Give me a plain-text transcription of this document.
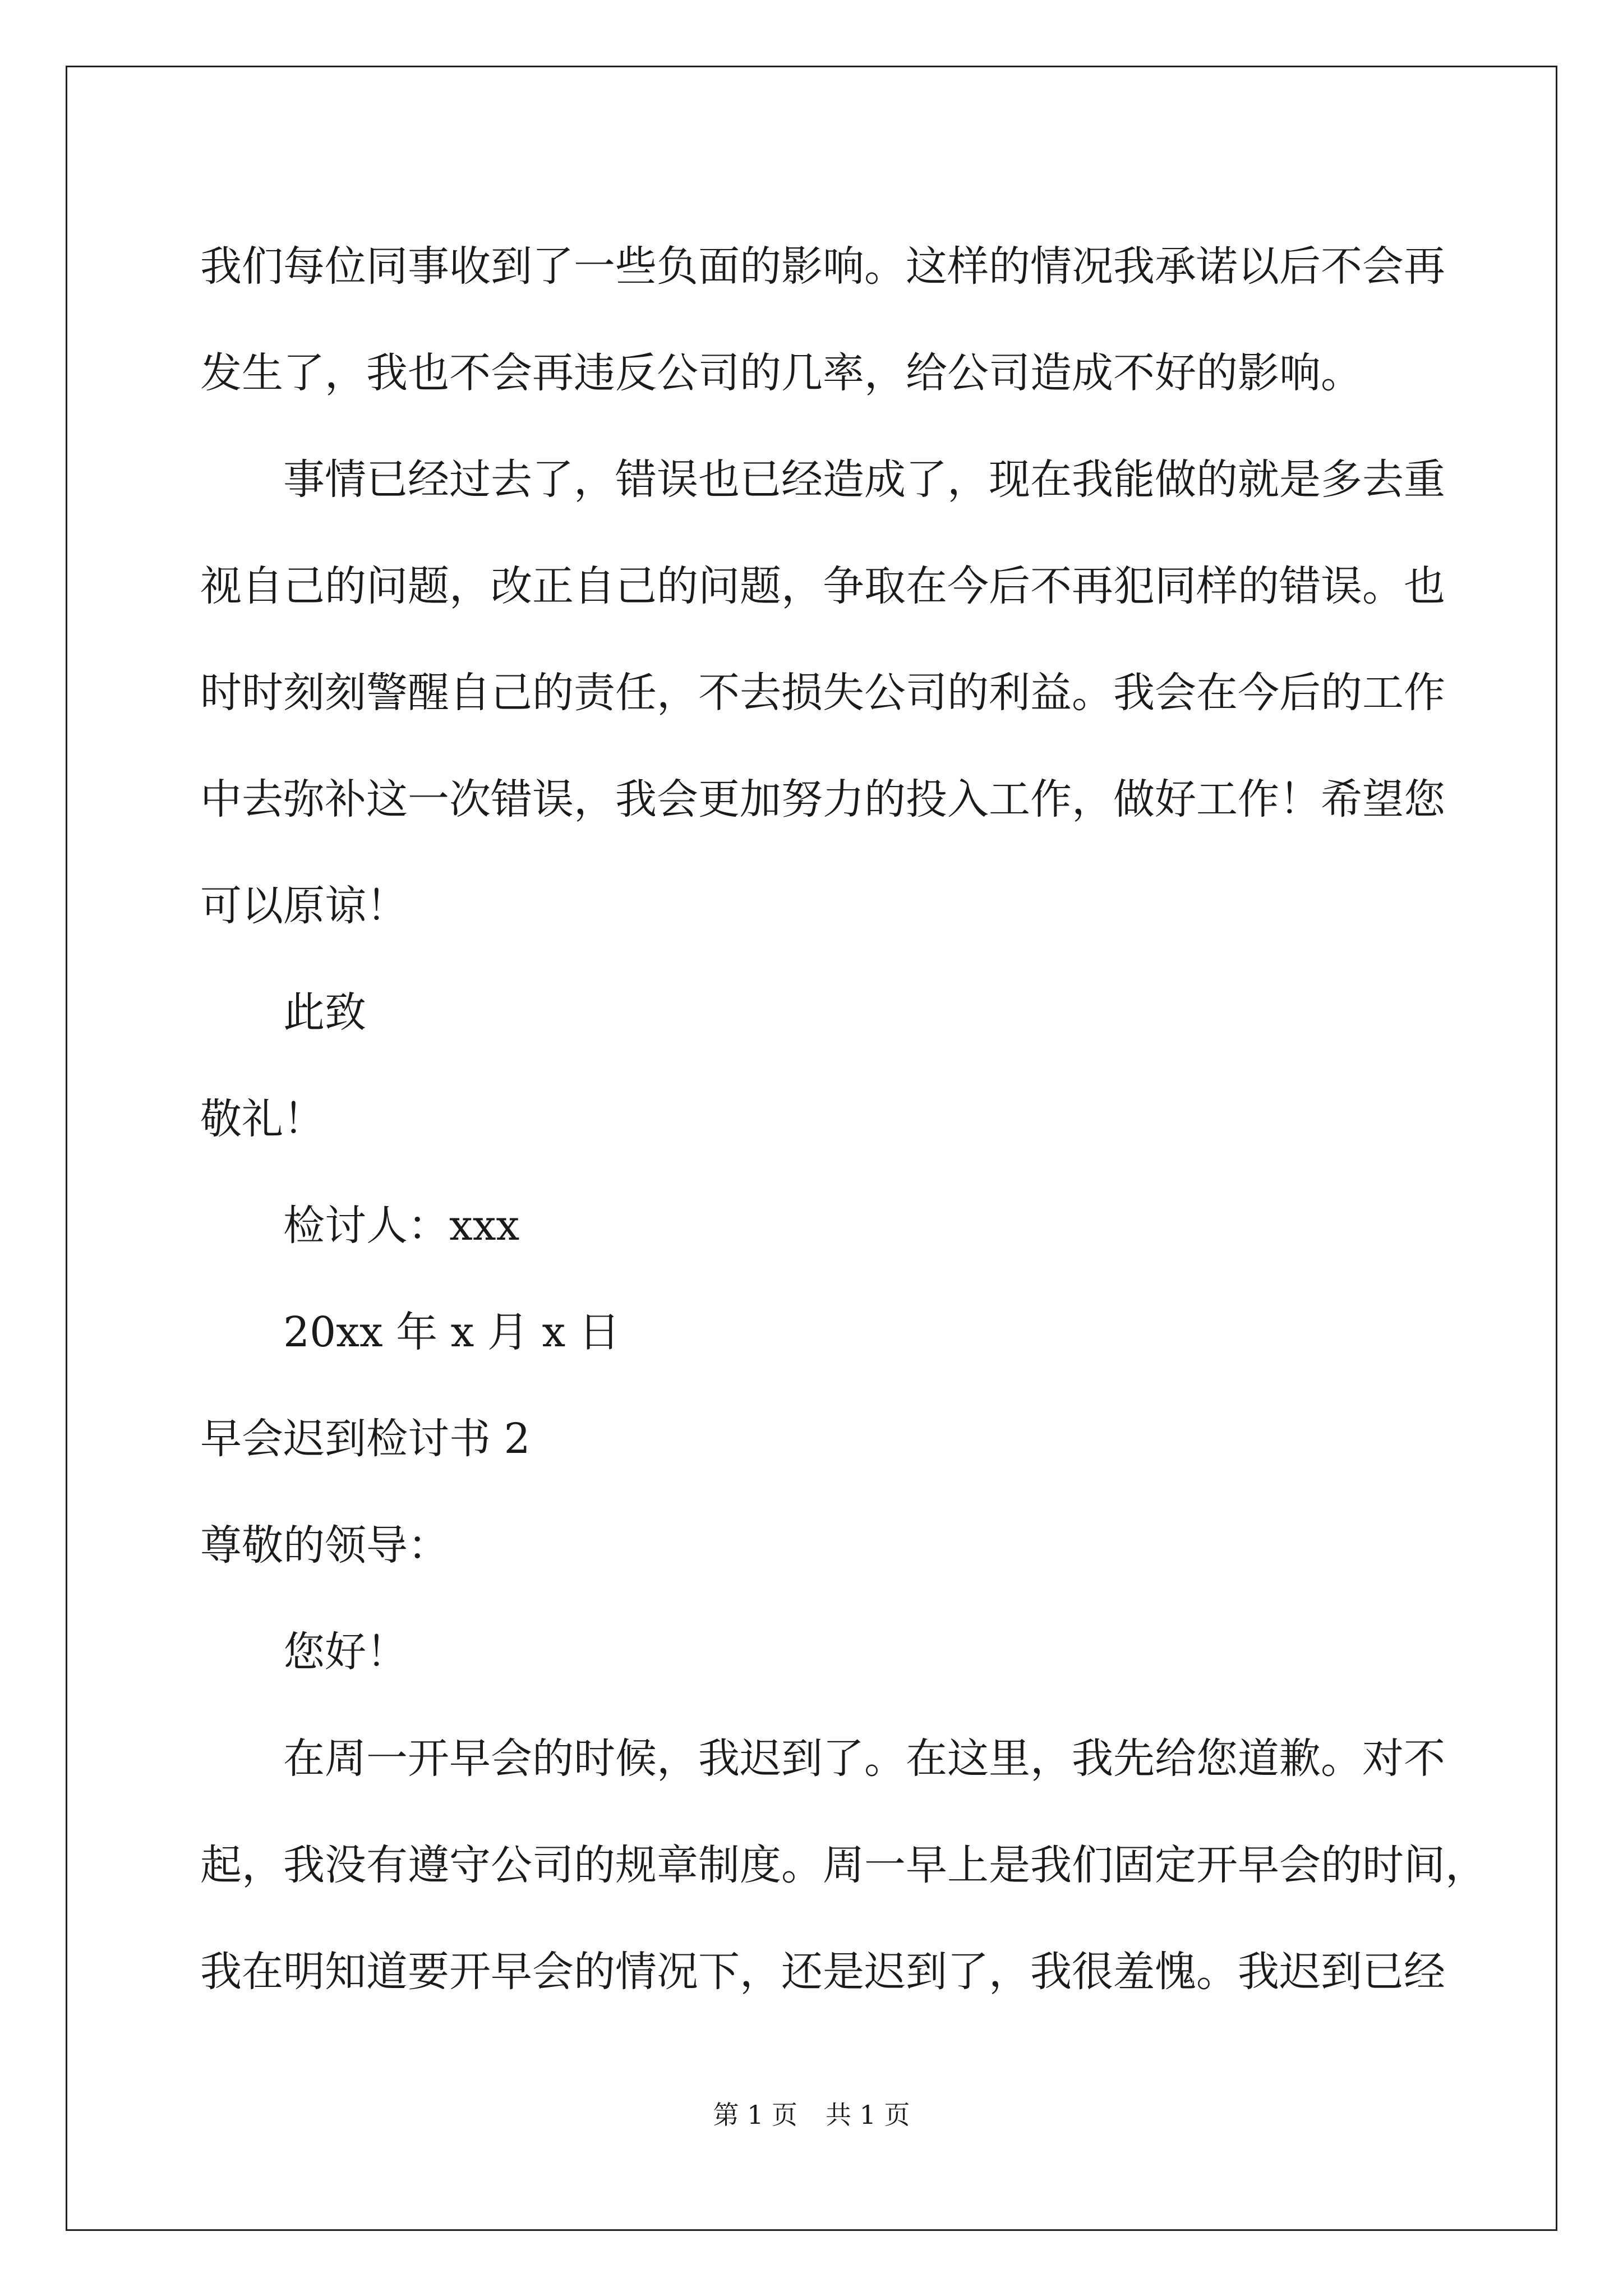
我们每位同事收到了一些负面的影响。这样的情况我承诺以后不会再
发生了，我也不会再违反公司的几率，给公司造成不好的影响。
事情已经过去了，错误也已经造成了，现在我能做的就是多去重
视自己的问题，改正自己的问题，争取在今后不再犯同样的错误。也
时时刻刻警醒自己的责任，不去损失公司的利益。我会在今后的工作
中去弥补这一次错误，我会更加努力的投入工作，做好工作！希望您
可以原谅！
此致
敬礼！
检讨人：xxx
20xx 年 x 月 x 日
早会迟到检讨书 2
尊敬的领导：
您好！
在周一开早会的时候，我迟到了。在这里，我先给您道歉。对不
起，我没有遵守公司的规章制度。周一早上是我们固定开早会的时间，
我在明知道要开早会的情况下，还是迟到了，我很羞愧。我迟到已经
第 1 页 共 1 页
